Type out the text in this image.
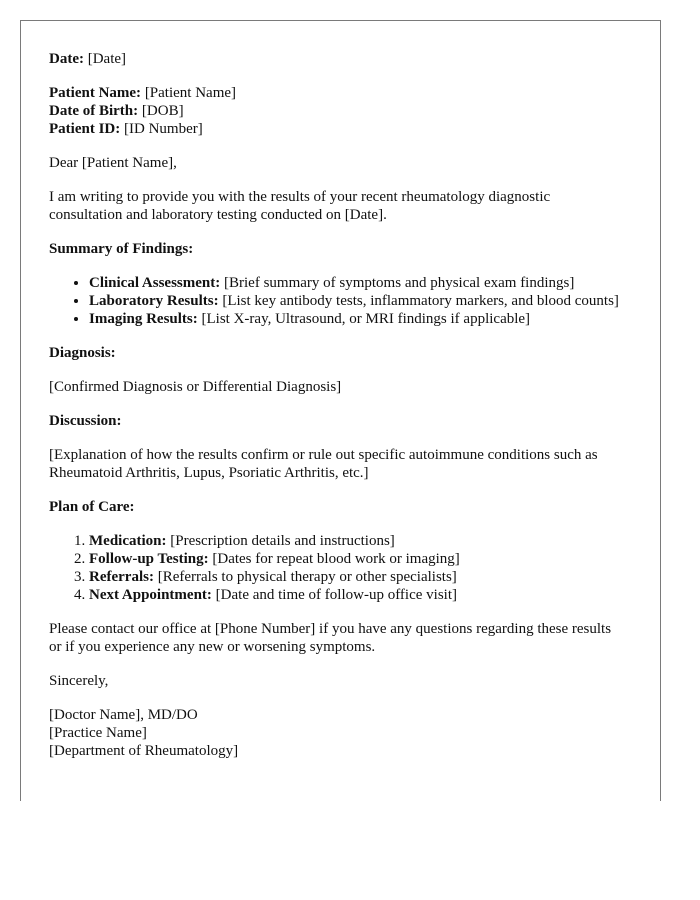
Date: [Date]

Patient Name: [Patient Name]
Date of Birth: [DOB]
Patient ID: [ID Number]

Dear [Patient Name],

I am writing to provide you with the results of your recent rheumatology diagnostic consultation and laboratory testing conducted on [Date].

Summary of Findings:

• Clinical Assessment: [Brief summary of symptoms and physical exam findings]
• Laboratory Results: [List key antibody tests, inflammatory markers, and blood counts]
• Imaging Results: [List X-ray, Ultrasound, or MRI findings if applicable]

Diagnosis:

[Confirmed Diagnosis or Differential Diagnosis]

Discussion:

[Explanation of how the results confirm or rule out specific autoimmune conditions such as Rheumatoid Arthritis, Lupus, Psoriatic Arthritis, etc.]

Plan of Care:

1. Medication: [Prescription details and instructions]
2. Follow-up Testing: [Dates for repeat blood work or imaging]
3. Referrals: [Referrals to physical therapy or other specialists]
4. Next Appointment: [Date and time of follow-up office visit]

Please contact our office at [Phone Number] if you have any questions regarding these results or if you experience any new or worsening symptoms.

Sincerely,

[Doctor Name], MD/DO
[Practice Name]
[Department of Rheumatology]
